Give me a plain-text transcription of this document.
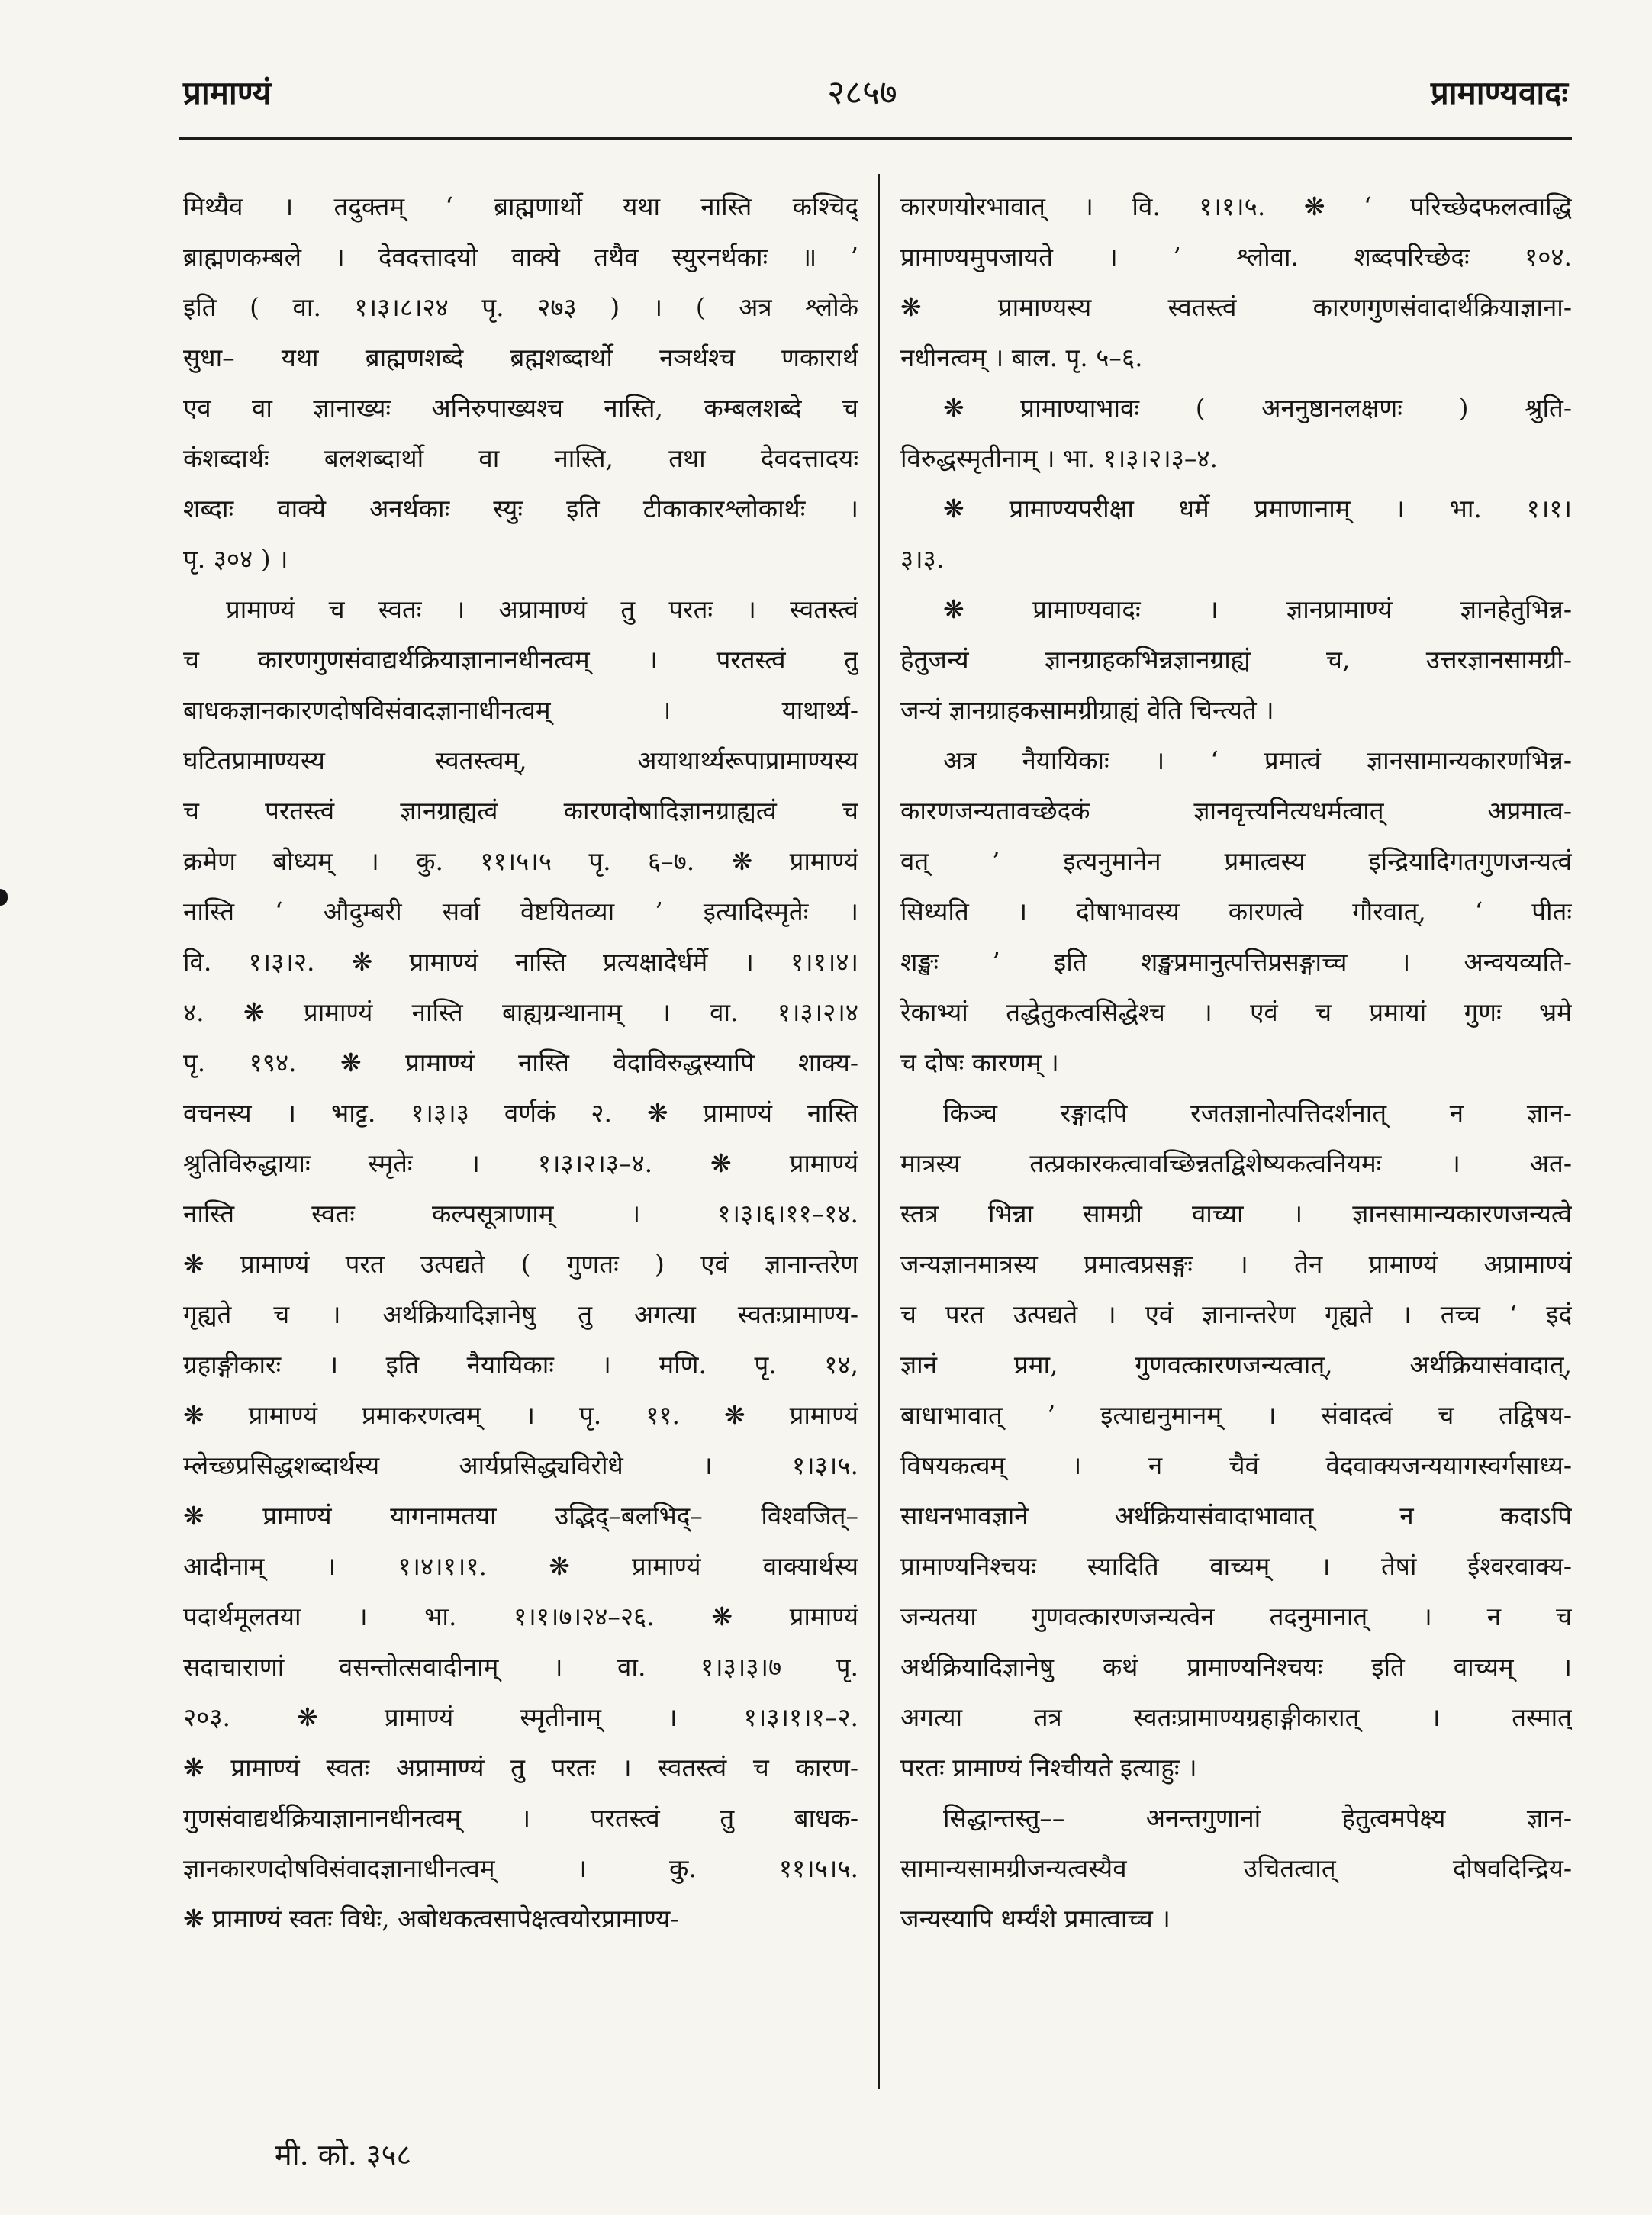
प्रामाण्यं	२८५७	प्रामाण्यवादः
मिथ्यैव । तदुक्तम् ‘ ब्राह्मणार्थो यथा नास्ति कश्चिद्
ब्राह्मणकम्बले । देवदत्तादयो वाक्ये तथैव स्युरनर्थकाः ॥ ’
इति ( वा. १।३।८।२४ पृ. २७३ ) । ( अत्र श्लोके
सुधा– यथा ब्राह्मणशब्दे ब्रह्मशब्दार्थो नञर्थश्च णकारार्थ
एव वा ज्ञानाख्यः अनिरुपाख्यश्च नास्ति, कम्बलशब्दे च
कंशब्दार्थः बलशब्दार्थो वा नास्ति, तथा देवदत्तादयः
शब्दाः वाक्ये अनर्थकाः स्युः इति टीकाकारश्लोकार्थः ।
पृ. ३०४ ) ।
प्रामाण्यं च स्वतः । अप्रामाण्यं तु परतः । स्वतस्त्वं
च कारणगुणसंवाद्यर्थक्रियाज्ञानानधीनत्वम् । परतस्त्वं तु
बाधकज्ञानकारणदोषविसंवादज्ञानाधीनत्वम् । याथार्थ्य-
घटितप्रामाण्यस्य स्वतस्त्वम्, अयाथार्थ्यरूपाप्रामाण्यस्य
च परतस्त्वं ज्ञानग्राह्यत्वं कारणदोषादिज्ञानग्राह्यत्वं च
क्रमेण बोध्यम् । कु. ११।५।५ पृ. ६–७. ❋ प्रामाण्यं
नास्ति ‘ औदुम्बरी सर्वा वेष्टयितव्या ’ इत्यादिस्मृतेः ।
वि. १।३।२. ❋ प्रामाण्यं नास्ति प्रत्यक्षादेर्धर्मे । १।१।४।
४. ❋ प्रामाण्यं नास्ति बाह्यग्रन्थानाम् । वा. १।३।२।४
पृ. १९४. ❋ प्रामाण्यं नास्ति वेदाविरुद्धस्यापि शाक्य-
वचनस्य । भाट्ट. १।३।३ वर्णकं २. ❋ प्रामाण्यं नास्ति
श्रुतिविरुद्धायाः स्मृतेः । १।३।२।३–४. ❋ प्रामाण्यं
नास्ति स्वतः कल्पसूत्राणाम् । १।३।६।११–१४.
❋ प्रामाण्यं परत उत्पद्यते ( गुणतः ) एवं ज्ञानान्तरेण
गृह्यते च । अर्थक्रियादिज्ञानेषु तु अगत्या स्वतःप्रामाण्य-
ग्रहाङ्गीकारः । इति नैयायिकाः । मणि. पृ. १४,
❋ प्रामाण्यं प्रमाकरणत्वम् । पृ. ११. ❋ प्रामाण्यं
म्लेच्छप्रसिद्धशब्दार्थस्य आर्यप्रसिद्ध्यविरोधे । १।३।५.
❋ प्रामाण्यं यागनामतया उद्भिद्–बलभिद्– विश्वजित्–
आदीनाम् । १।४।१।१. ❋ प्रामाण्यं वाक्यार्थस्य
पदार्थमूलतया । भा. १।१।७।२४–२६. ❋ प्रामाण्यं
सदाचाराणां वसन्तोत्सवादीनाम् । वा. १।३।३।७ पृ.
२०३. ❋ प्रामाण्यं स्मृतीनाम् । १।३।१।१–२.
❋ प्रामाण्यं स्वतः अप्रामाण्यं तु परतः । स्वतस्त्वं च कारण-
गुणसंवाद्यर्थक्रियाज्ञानानधीनत्वम् । परतस्त्वं तु बाधक-
ज्ञानकारणदोषविसंवादज्ञानाधीनत्वम् । कु. ११।५।५.
❋ प्रामाण्यं स्वतः विधेः, अबोधकत्वसापेक्षत्वयोरप्रामाण्य-
कारणयोरभावात् । वि. १।१।५. ❋ ‘ परिच्छेदफलत्वाद्धि
प्रामाण्यमुपजायते । ’ श्लोवा. शब्दपरिच्छेदः १०४.
❋ प्रामाण्यस्य स्वतस्त्वं कारणगुणसंवादार्थक्रियाज्ञाना-
नधीनत्वम् । बाल. पृ. ५–६.
❋ प्रामाण्याभावः ( अननुष्ठानलक्षणः ) श्रुति-
विरुद्धस्मृतीनाम् । भा. १।३।२।३–४.
❋ प्रामाण्यपरीक्षा धर्मे प्रमाणानाम् । भा. १।१।
३।३.
❋ प्रामाण्यवादः । ज्ञानप्रामाण्यं ज्ञानहेतुभिन्न-
हेतुजन्यं ज्ञानग्राहकभिन्नज्ञानग्राह्यं च, उत्तरज्ञानसामग्री-
जन्यं ज्ञानग्राहकसामग्रीग्राह्यं वेति चिन्त्यते ।
अत्र नैयायिकाः । ‘ प्रमात्वं ज्ञानसामान्यकारणभिन्न-
कारणजन्यतावच्छेदकं ज्ञानवृत्त्यनित्यधर्मत्वात् अप्रमात्व-
वत् ’ इत्यनुमानेन प्रमात्वस्य इन्द्रियादिगतगुणजन्यत्वं
सिध्यति । दोषाभावस्य कारणत्वे गौरवात्, ‘ पीतः
शङ्खः ’ इति शङ्खप्रमानुत्पत्तिप्रसङ्गाच्च । अन्वयव्यति-
रेकाभ्यां तद्धेतुकत्वसिद्धेश्च । एवं च प्रमायां गुणः भ्रमे
च दोषः कारणम् ।
किञ्च रङ्गादपि रजतज्ञानोत्पत्तिदर्शनात् न ज्ञान-
मात्रस्य तत्प्रकारकत्वावच्छिन्नतद्विशेष्यकत्वनियमः । अत-
स्तत्र भिन्ना सामग्री वाच्या । ज्ञानसामान्यकारणजन्यत्वे
जन्यज्ञानमात्रस्य प्रमात्वप्रसङ्गः । तेन प्रामाण्यं अप्रामाण्यं
च परत उत्पद्यते । एवं ज्ञानान्तरेण गृह्यते । तच्च ‘ इदं
ज्ञानं प्रमा, गुणवत्कारणजन्यत्वात्, अर्थक्रियासंवादात्,
बाधाभावात् ’ इत्याद्यनुमानम् । संवादत्वं च तद्विषय-
विषयकत्वम् । न चैवं वेदवाक्यजन्ययागस्वर्गसाध्य-
साधनभावज्ञाने अर्थक्रियासंवादाभावात् न कदाऽपि
प्रामाण्यनिश्चयः स्यादिति वाच्यम् । तेषां ईश्वरवाक्य-
जन्यतया गुणवत्कारणजन्यत्वेन तदनुमानात् । न च
अर्थक्रियादिज्ञानेषु कथं प्रामाण्यनिश्चयः इति वाच्यम् ।
अगत्या तत्र स्वतःप्रामाण्यग्रहाङ्गीकारात् । तस्मात्
परतः प्रामाण्यं निश्चीयते इत्याहुः ।
सिद्धान्तस्तु–– अनन्तगुणानां हेतुत्वमपेक्ष्य ज्ञान-
सामान्यसामग्रीजन्यत्वस्यैव उचितत्वात् दोषवदिन्द्रिय-
जन्यस्यापि धर्म्यंशे प्रमात्वाच्च ।
मी. को. ३५८
